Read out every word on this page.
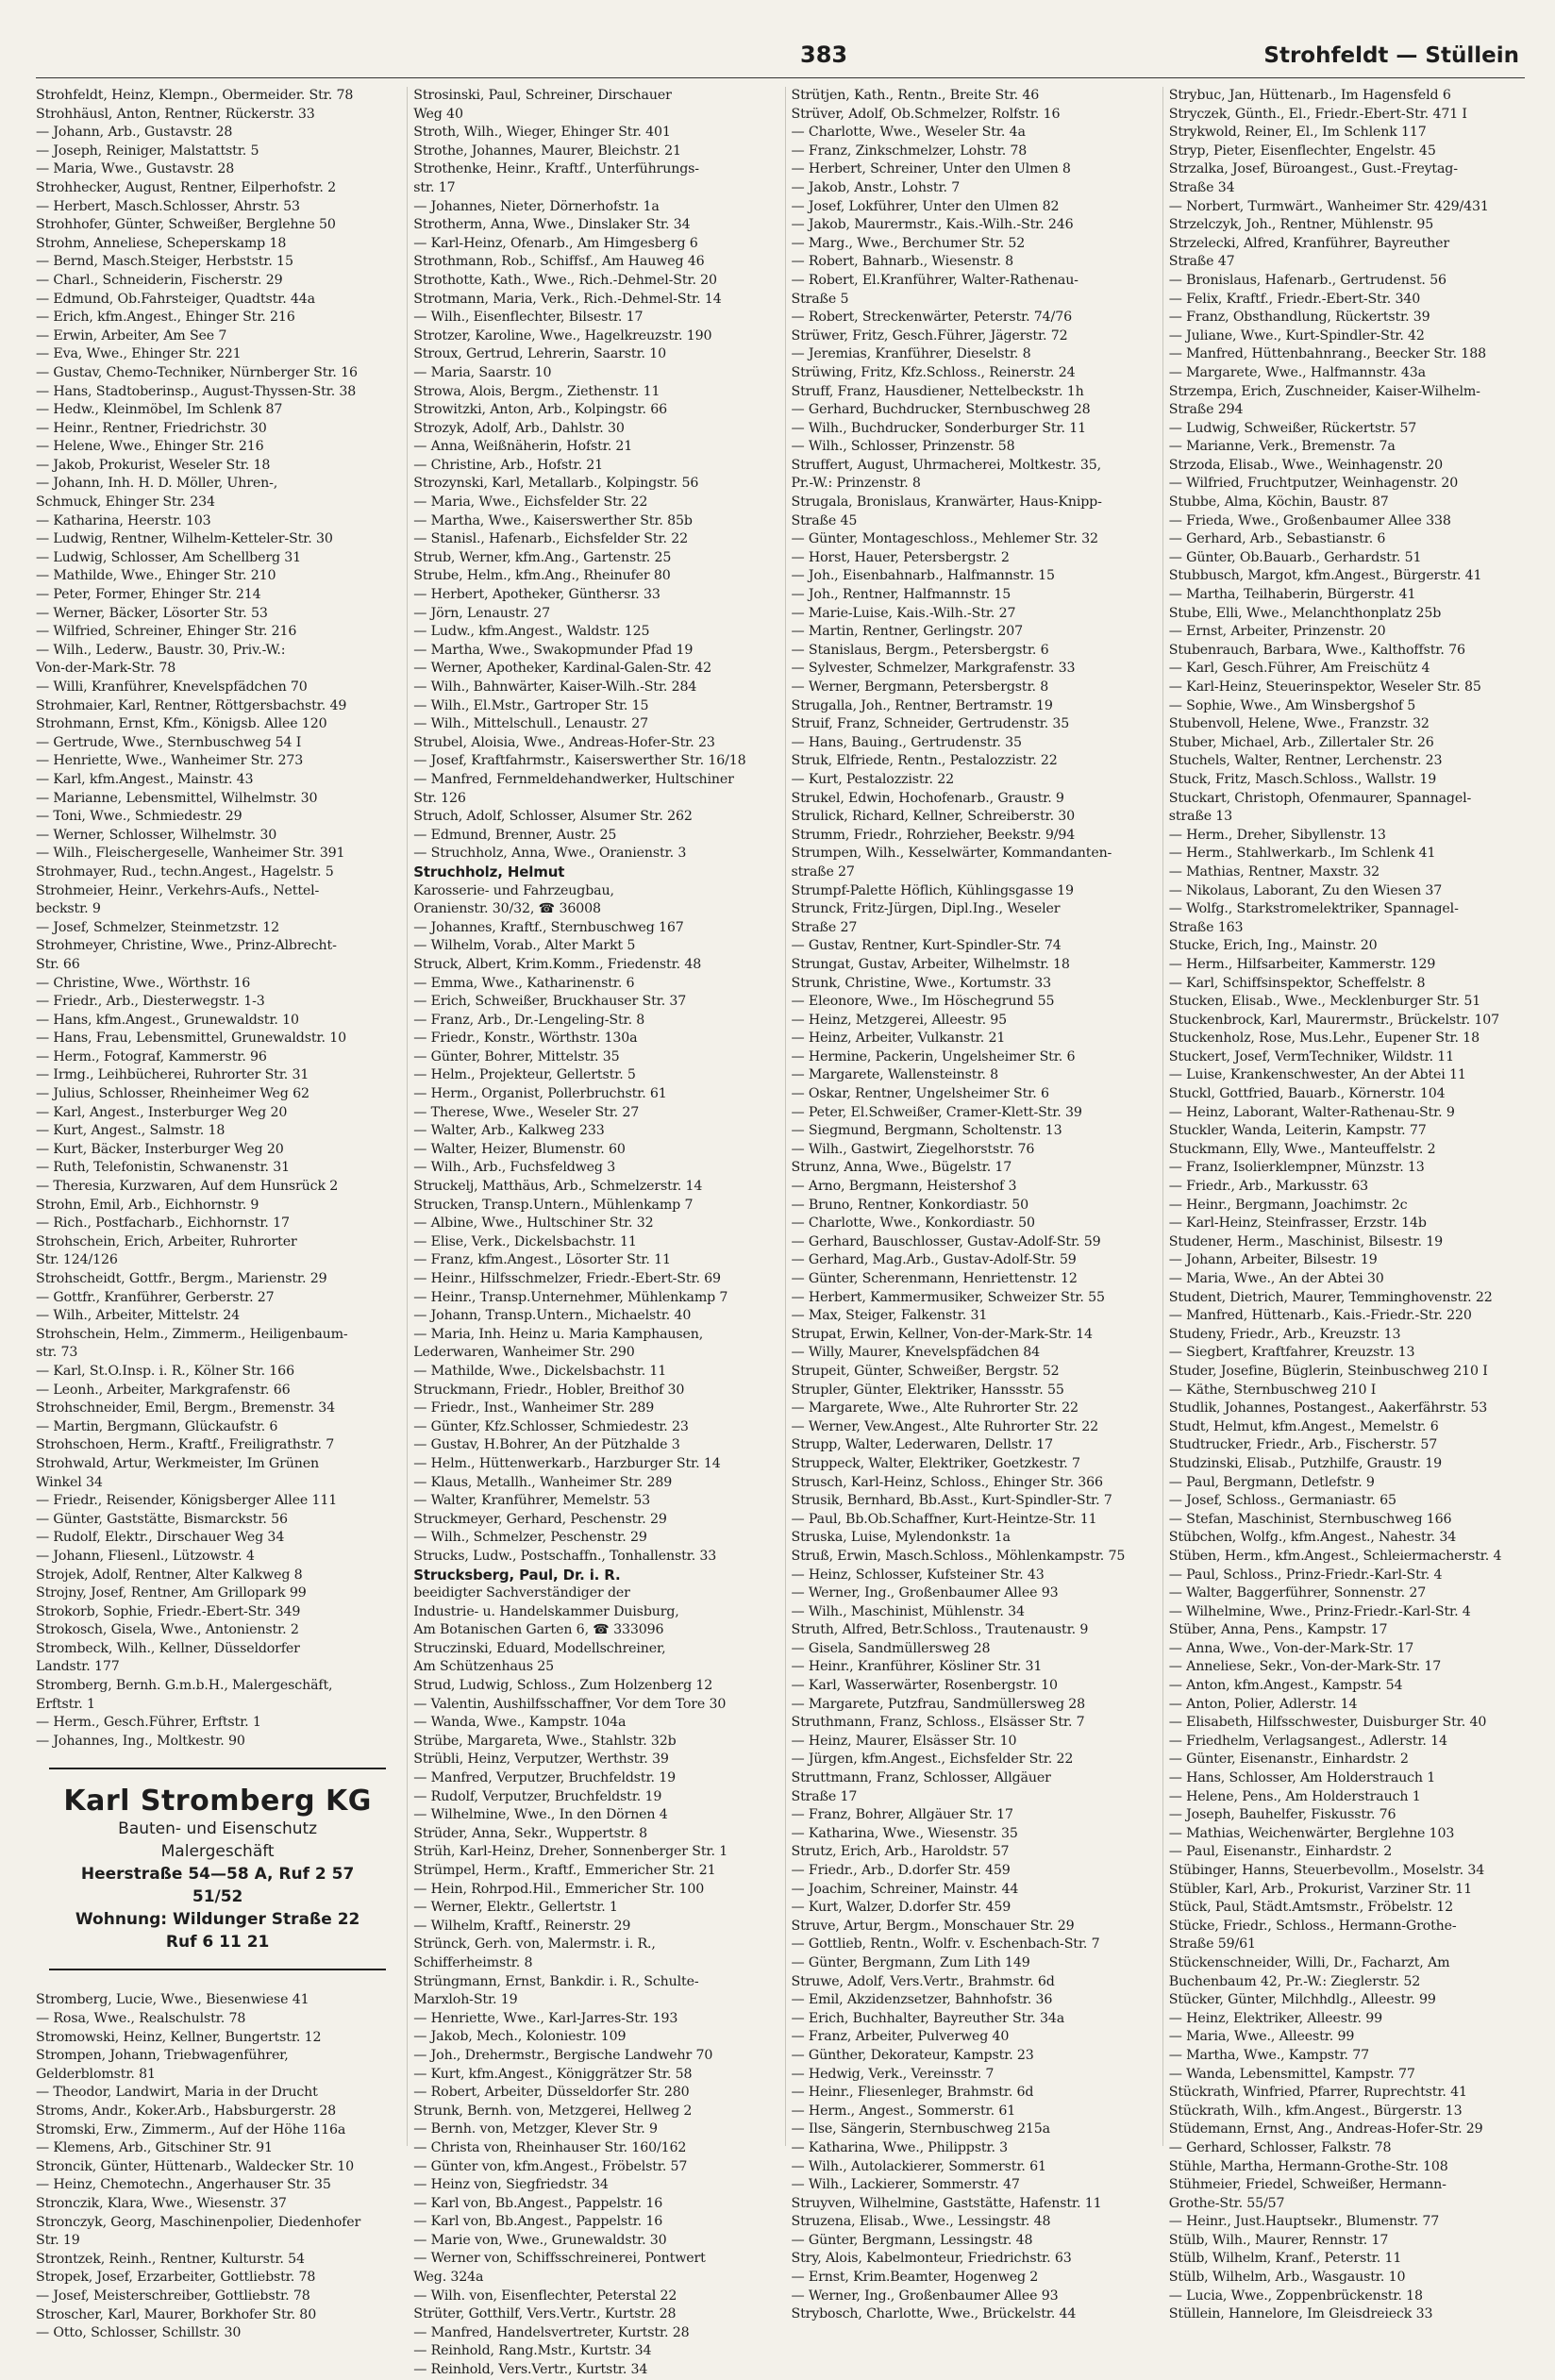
383	Strohfeldt — Stüllein
Strohfeldt, Heinz, Klempn., Obermeider. Str. 78
Strohhäusl, Anton, Rentner, Rückerstr. 33
— Johann, Arb., Gustavstr. 28
— Joseph, Reiniger, Malstattstr. 5
— Maria, Wwe., Gustavstr. 28
Strohhecker, August, Rentner, Eilperhofstr. 2
— Herbert, Masch.Schlosser, Ahrstr. 53
Strohhofer, Günter, Schweißer, Berglehne 50
Strohm, Anneliese, Scheperskamp 18
— Bernd, Masch.Steiger, Herbststr. 15
— Charl., Schneiderin, Fischerstr. 29
— Edmund, Ob.Fahrsteiger, Quadtstr. 44a
— Erich, kfm.Angest., Ehinger Str. 216
— Erwin, Arbeiter, Am See 7
— Eva, Wwe., Ehinger Str. 221
— Gustav, Chemo-Techniker, Nürnberger Str. 16
— Hans, Stadtoberinsp., August-Thyssen-Str. 38
— Hedw., Kleinmöbel, Im Schlenk 87
— Heinr., Rentner, Friedrichstr. 30
— Helene, Wwe., Ehinger Str. 216
— Jakob, Prokurist, Weseler Str. 18
— Johann, Inh. H. D. Möller, Uhren-,
Schmuck, Ehinger Str. 234
— Katharina, Heerstr. 103
— Ludwig, Rentner, Wilhelm-Ketteler-Str. 30
— Ludwig, Schlosser, Am Schellberg 31
— Mathilde, Wwe., Ehinger Str. 210
— Peter, Former, Ehinger Str. 214
— Werner, Bäcker, Lösorter Str. 53
— Wilfried, Schreiner, Ehinger Str. 216
— Wilh., Lederw., Baustr. 30, Priv.-W.:
Von-der-Mark-Str. 78
— Willi, Kranführer, Knevelspfädchen 70
Strohmaier, Karl, Rentner, Röttgersbachstr. 49
Strohmann, Ernst, Kfm., Königsb. Allee 120
— Gertrude, Wwe., Sternbuschweg 54 I
— Henriette, Wwe., Wanheimer Str. 273
— Karl, kfm.Angest., Mainstr. 43
— Marianne, Lebensmittel, Wilhelmstr. 30
— Toni, Wwe., Schmiedestr. 29
— Werner, Schlosser, Wilhelmstr. 30
— Wilh., Fleischergeselle, Wanheimer Str. 391
Strohmayer, Rud., techn.Angest., Hagelstr. 5
Strohmeier, Heinr., Verkehrs-Aufs., Nettel-
beckstr. 9
— Josef, Schmelzer, Steinmetzstr. 12
Strohmeyer, Christine, Wwe., Prinz-Albrecht-
Str. 66
— Christine, Wwe., Wörthstr. 16
— Friedr., Arb., Diesterwegstr. 1-3
— Hans, kfm.Angest., Grunewaldstr. 10
— Hans, Frau, Lebensmittel, Grunewaldstr. 10
— Herm., Fotograf, Kammerstr. 96
— Irmg., Leihbücherei, Ruhrorter Str. 31
— Julius, Schlosser, Rheinheimer Weg 62
— Karl, Angest., Insterburger Weg 20
— Kurt, Angest., Salmstr. 18
— Kurt, Bäcker, Insterburger Weg 20
— Ruth, Telefonistin, Schwanenstr. 31
— Theresia, Kurzwaren, Auf dem Hunsrück 2
Strohn, Emil, Arb., Eichhornstr. 9
— Rich., Postfacharb., Eichhornstr. 17
Strohschein, Erich, Arbeiter, Ruhrorter
Str. 124/126
Strohscheidt, Gottfr., Bergm., Marienstr. 29
— Gottfr., Kranführer, Gerberstr. 27
— Wilh., Arbeiter, Mittelstr. 24
Strohschein, Helm., Zimmerm., Heiligenbaum-
str. 73
— Karl, St.O.Insp. i. R., Kölner Str. 166
— Leonh., Arbeiter, Markgrafenstr. 66
Strohschneider, Emil, Bergm., Bremenstr. 34
— Martin, Bergmann, Glückaufstr. 6
Strohschoen, Herm., Kraftf., Freiligrathstr. 7
Strohwald, Artur, Werkmeister, Im Grünen
Winkel 34
— Friedr., Reisender, Königsberger Allee 111
— Günter, Gaststätte, Bismarckstr. 56
— Rudolf, Elektr., Dirschauer Weg 34
— Johann, Fliesenl., Lützowstr. 4
Strojek, Adolf, Rentner, Alter Kalkweg 8
Strojny, Josef, Rentner, Am Grillopark 99
Strokorb, Sophie, Friedr.-Ebert-Str. 349
Strokosch, Gisela, Wwe., Antonienstr. 2
Strombeck, Wilh., Kellner, Düsseldorfer
Landstr. 177
Stromberg, Bernh. G.m.b.H., Malergeschäft,
Erftstr. 1
— Herm., Gesch.Führer, Erftstr. 1
— Johannes, Ing., Moltkestr. 90
Karl Stromberg KG
Bauten- und Eisenschutz
Malergeschäft
Heerstraße 54—58 A, Ruf 2 57 51/52
Wohnung: Wildunger Straße 22
Ruf 6 11 21
Stromberg, Lucie, Wwe., Biesenwiese 41
— Rosa, Wwe., Realschulstr. 78
Stromowski, Heinz, Kellner, Bungertstr. 12
Strompen, Johann, Triebwagenführer,
Gelderblomstr. 81
— Theodor, Landwirt, Maria in der Drucht
Stroms, Andr., Koker.Arb., Habsburgerstr. 28
Stromski, Erw., Zimmerm., Auf der Höhe 116a
— Klemens, Arb., Gitschiner Str. 91
Stroncik, Günter, Hüttenarb., Waldecker Str. 10
— Heinz, Chemotechn., Angerhauser Str. 35
Stronczik, Klara, Wwe., Wiesenstr. 37
Stronczyk, Georg, Maschinenpolier, Diedenhofer
Str. 19
Strontzek, Reinh., Rentner, Kulturstr. 54
Stropek, Josef, Erzarbeiter, Gottliebstr. 78
— Josef, Meisterschreiber, Gottliebstr. 78
Stroscher, Karl, Maurer, Borkhofer Str. 80
— Otto, Schlosser, Schillstr. 30
Strosinski, Paul, Schreiner, Dirschauer
Weg 40
Stroth, Wilh., Wieger, Ehinger Str. 401
Strothe, Johannes, Maurer, Bleichstr. 21
Strothenke, Heinr., Kraftf., Unterführungs-
str. 17
— Johannes, Nieter, Dörnerhofstr. 1a
Strotherm, Anna, Wwe., Dinslaker Str. 34
— Karl-Heinz, Ofenarb., Am Himgesberg 6
Strothmann, Rob., Schiffsf., Am Hauweg 46
Strothotte, Kath., Wwe., Rich.-Dehmel-Str. 20
Strotmann, Maria, Verk., Rich.-Dehmel-Str. 14
— Wilh., Eisenflechter, Bilsestr. 17
Strotzer, Karoline, Wwe., Hagelkreuzstr. 190
Stroux, Gertrud, Lehrerin, Saarstr. 10
— Maria, Saarstr. 10
Strowa, Alois, Bergm., Ziethenstr. 11
Strowitzki, Anton, Arb., Kolpingstr. 66
Strozyk, Adolf, Arb., Dahlstr. 30
— Anna, Weißnäherin, Hofstr. 21
— Christine, Arb., Hofstr. 21
Strozynski, Karl, Metallarb., Kolpingstr. 56
— Maria, Wwe., Eichsfelder Str. 22
— Martha, Wwe., Kaiserswerther Str. 85b
— Stanisl., Hafenarb., Eichsfelder Str. 22
Strub, Werner, kfm.Ang., Gartenstr. 25
Strube, Helm., kfm.Ang., Rheinufer 80
— Herbert, Apotheker, Günthersr. 33
— Jörn, Lenaustr. 27
— Ludw., kfm.Angest., Waldstr. 125
— Martha, Wwe., Swakopmunder Pfad 19
— Werner, Apotheker, Kardinal-Galen-Str. 42
— Wilh., Bahnwärter, Kaiser-Wilh.-Str. 284
— Wilh., El.Mstr., Gartroper Str. 15
— Wilh., Mittelschull., Lenaustr. 27
Strubel, Aloisia, Wwe., Andreas-Hofer-Str. 23
— Josef, Kraftfahrmstr., Kaiserswerther Str. 16/18
— Manfred, Fernmeldehandwerker, Hultschiner
Str. 126
Struch, Adolf, Schlosser, Alsumer Str. 262
— Edmund, Brenner, Austr. 25
— Struchholz, Anna, Wwe., Oranienstr. 3
Struchholz, Helmut
Karosserie- und Fahrzeugbau,
Oranienstr. 30/32, ☎ 36008
— Johannes, Kraftf., Sternbuschweg 167
— Wilhelm, Vorab., Alter Markt 5
Struck, Albert, Krim.Komm., Friedenstr. 48
— Emma, Wwe., Katharinenstr. 6
— Erich, Schweißer, Bruckhauser Str. 37
— Franz, Arb., Dr.-Lengeling-Str. 8
— Friedr., Konstr., Wörthstr. 130a
— Günter, Bohrer, Mittelstr. 35
— Helm., Projekteur, Gellertstr. 5
— Herm., Organist, Pollerbruchstr. 61
— Therese, Wwe., Weseler Str. 27
— Walter, Arb., Kalkweg 233
— Walter, Heizer, Blumenstr. 60
— Wilh., Arb., Fuchsfeldweg 3
Struckelj, Matthäus, Arb., Schmelzerstr. 14
Strucken, Transp.Untern., Mühlenkamp 7
— Albine, Wwe., Hultschiner Str. 32
— Elise, Verk., Dickelsbachstr. 11
— Franz, kfm.Angest., Lösorter Str. 11
— Heinr., Hilfsschmelzer, Friedr.-Ebert-Str. 69
— Heinr., Transp.Unternehmer, Mühlenkamp 7
— Johann, Transp.Untern., Michaelstr. 40
— Maria, Inh. Heinz u. Maria Kamphausen,
Lederwaren, Wanheimer Str. 290
— Mathilde, Wwe., Dickelsbachstr. 11
Struckmann, Friedr., Hobler, Breithof 30
— Friedr., Inst., Wanheimer Str. 289
— Günter, Kfz.Schlosser, Schmiedestr. 23
— Gustav, H.Bohrer, An der Pützhalde 3
— Helm., Hüttenwerkarb., Harzburger Str. 14
— Klaus, Metallh., Wanheimer Str. 289
— Walter, Kranführer, Memelstr. 53
Struckmeyer, Gerhard, Peschenstr. 29
— Wilh., Schmelzer, Peschenstr. 29
Strucks, Ludw., Postschaffn., Tonhallenstr. 33
Strucksberg, Paul, Dr. i. R.
beeidigter Sachverständiger der
Industrie- u. Handelskammer Duisburg,
Am Botanischen Garten 6, ☎ 333096
Struczinski, Eduard, Modellschreiner,
Am Schützenhaus 25
Strud, Ludwig, Schloss., Zum Holzenberg 12
— Valentin, Aushilfsschaffner, Vor dem Tore 30
— Wanda, Wwe., Kampstr. 104a
Strübe, Margareta, Wwe., Stahlstr. 32b
Strübli, Heinz, Verputzer, Werthstr. 39
— Manfred, Verputzer, Bruchfeldstr. 19
— Rudolf, Verputzer, Bruchfeldstr. 19
— Wilhelmine, Wwe., In den Dörnen 4
Strüder, Anna, Sekr., Wuppertstr. 8
Strüh, Karl-Heinz, Dreher, Sonnenberger Str. 1
Strümpel, Herm., Kraftf., Emmericher Str. 21
— Hein, Rohrpod.Hil., Emmericher Str. 100
— Werner, Elektr., Gellertstr. 1
— Wilhelm, Kraftf., Reinerstr. 29
Strünck, Gerh. von, Malermstr. i. R.,
Schifferheimstr. 8
Strüngmann, Ernst, Bankdir. i. R., Schulte-
Marxloh-Str. 19
— Henriette, Wwe., Karl-Jarres-Str. 193
— Jakob, Mech., Koloniestr. 109
— Joh., Drehermstr., Bergische Landwehr 70
— Kurt, kfm.Angest., Königgrätzer Str. 58
— Robert, Arbeiter, Düsseldorfer Str. 280
Strunk, Bernh. von, Metzgerei, Hellweg 2
— Bernh. von, Metzger, Klever Str. 9
— Christa von, Rheinhauser Str. 160/162
— Günter von, kfm.Angest., Fröbelstr. 57
— Heinz von, Siegfriedstr. 34
— Karl von, Bb.Angest., Pappelstr. 16
— Karl von, Bb.Angest., Pappelstr. 16
— Marie von, Wwe., Grunewaldstr. 30
— Werner von, Schiffsschreinerei, Pontwert
Weg. 324a
— Wilh. von, Eisenflechter, Peterstal 22
Strüter, Gotthilf, Vers.Vertr., Kurtstr. 28
— Manfred, Handelsvertreter, Kurtstr. 28
— Reinhold, Rang.Mstr., Kurtstr. 34
— Reinhold, Vers.Vertr., Kurtstr. 34
Strütjen, Kath., Rentn., Breite Str. 46
Strüver, Adolf, Ob.Schmelzer, Rolfstr. 16
— Charlotte, Wwe., Weseler Str. 4a
— Franz, Zinkschmelzer, Lohstr. 78
— Herbert, Schreiner, Unter den Ulmen 8
— Jakob, Anstr., Lohstr. 7
— Josef, Lokführer, Unter den Ulmen 82
— Jakob, Maurermstr., Kais.-Wilh.-Str. 246
— Marg., Wwe., Berchumer Str. 52
— Robert, Bahnarb., Wiesenstr. 8
— Robert, El.Kranführer, Walter-Rathenau-
Straße 5
— Robert, Streckenwärter, Peterstr. 74/76
Strüwer, Fritz, Gesch.Führer, Jägerstr. 72
— Jeremias, Kranführer, Dieselstr. 8
Strüwing, Fritz, Kfz.Schloss., Reinerstr. 24
Struff, Franz, Hausdiener, Nettelbeckstr. 1h
— Gerhard, Buchdrucker, Sternbuschweg 28
— Wilh., Buchdrucker, Sonderburger Str. 11
— Wilh., Schlosser, Prinzenstr. 58
Struffert, August, Uhrmacherei, Moltkestr. 35,
Pr.-W.: Prinzenstr. 8
Strugala, Bronislaus, Kranwärter, Haus-Knipp-
Straße 45
— Günter, Montageschloss., Mehlemer Str. 32
— Horst, Hauer, Petersbergstr. 2
— Joh., Eisenbahnarb., Halfmannstr. 15
— Joh., Rentner, Halfmannstr. 15
— Marie-Luise, Kais.-Wilh.-Str. 27
— Martin, Rentner, Gerlingstr. 207
— Stanislaus, Bergm., Petersbergstr. 6
— Sylvester, Schmelzer, Markgrafenstr. 33
— Werner, Bergmann, Petersbergstr. 8
Strugalla, Joh., Rentner, Bertramstr. 19
Struif, Franz, Schneider, Gertrudenstr. 35
— Hans, Bauing., Gertrudenstr. 35
Struk, Elfriede, Rentn., Pestalozzistr. 22
— Kurt, Pestalozzistr. 22
Strukel, Edwin, Hochofenarb., Graustr. 9
Strulick, Richard, Kellner, Schreiberstr. 30
Strumm, Friedr., Rohrzieher, Beekstr. 9/94
Strumpen, Wilh., Kesselwärter, Kommandanten-
straße 27
Strumpf-Palette Höflich, Kühlingsgasse 19
Strunck, Fritz-Jürgen, Dipl.Ing., Weseler
Straße 27
— Gustav, Rentner, Kurt-Spindler-Str. 74
Strungat, Gustav, Arbeiter, Wilhelmstr. 18
Strunk, Christine, Wwe., Kortumstr. 33
— Eleonore, Wwe., Im Höschegrund 55
— Heinz, Metzgerei, Alleestr. 95
— Heinz, Arbeiter, Vulkanstr. 21
— Hermine, Packerin, Ungelsheimer Str. 6
— Margarete, Wallensteinstr. 8
— Oskar, Rentner, Ungelsheimer Str. 6
— Peter, El.Schweißer, Cramer-Klett-Str. 39
— Siegmund, Bergmann, Scholtenstr. 13
— Wilh., Gastwirt, Ziegelhorststr. 76
Strunz, Anna, Wwe., Bügelstr. 17
— Arno, Bergmann, Heistershof 3
— Bruno, Rentner, Konkordiastr. 50
— Charlotte, Wwe., Konkordiastr. 50
— Gerhard, Bauschlosser, Gustav-Adolf-Str. 59
— Gerhard, Mag.Arb., Gustav-Adolf-Str. 59
— Günter, Scherenmann, Henriettenstr. 12
— Herbert, Kammermusiker, Schweizer Str. 55
— Max, Steiger, Falkenstr. 31
Strupat, Erwin, Kellner, Von-der-Mark-Str. 14
— Willy, Maurer, Knevelspfädchen 84
Strupeit, Günter, Schweißer, Bergstr. 52
Strupler, Günter, Elektriker, Hanssstr. 55
— Margarete, Wwe., Alte Ruhrorter Str. 22
— Werner, Vew.Angest., Alte Ruhrorter Str. 22
Strupp, Walter, Lederwaren, Dellstr. 17
Struppeck, Walter, Elektriker, Goetzkestr. 7
Strusch, Karl-Heinz, Schloss., Ehinger Str. 366
Strusik, Bernhard, Bb.Asst., Kurt-Spindler-Str. 7
— Paul, Bb.Ob.Schaffner, Kurt-Heintze-Str. 11
Struska, Luise, Mylendonkstr. 1a
Struß, Erwin, Masch.Schloss., Möhlenkampstr. 75
— Heinz, Schlosser, Kufsteiner Str. 43
— Werner, Ing., Großenbaumer Allee 93
— Wilh., Maschinist, Mühlenstr. 34
Struth, Alfred, Betr.Schloss., Trautenaustr. 9
— Gisela, Sandmüllersweg 28
— Heinr., Kranführer, Kösliner Str. 31
— Karl, Wasserwärter, Rosenbergstr. 10
— Margarete, Putzfrau, Sandmüllersweg 28
Struthmann, Franz, Schloss., Elsässer Str. 7
— Heinz, Maurer, Elsässer Str. 10
— Jürgen, kfm.Angest., Eichsfelder Str. 22
Struttmann, Franz, Schlosser, Allgäuer
Straße 17
— Franz, Bohrer, Allgäuer Str. 17
— Katharina, Wwe., Wiesenstr. 35
Strutz, Erich, Arb., Haroldstr. 57
— Friedr., Arb., D.dorfer Str. 459
— Joachim, Schreiner, Mainstr. 44
— Kurt, Walzer, D.dorfer Str. 459
Struve, Artur, Bergm., Monschauer Str. 29
— Gottlieb, Rentn., Wolfr. v. Eschenbach-Str. 7
— Günter, Bergmann, Zum Lith 149
Struwe, Adolf, Vers.Vertr., Brahmstr. 6d
— Emil, Akzidenzsetzer, Bahnhofstr. 36
— Erich, Buchhalter, Bayreuther Str. 34a
— Franz, Arbeiter, Pulverweg 40
— Günther, Dekorateur, Kampstr. 23
— Hedwig, Verk., Vereinsstr. 7
— Heinr., Fliesenleger, Brahmstr. 6d
— Herm., Angest., Sommerstr. 61
— Ilse, Sängerin, Sternbuschweg 215a
— Katharina, Wwe., Philippstr. 3
— Wilh., Autolackierer, Sommerstr. 61
— Wilh., Lackierer, Sommerstr. 47
Struyven, Wilhelmine, Gaststätte, Hafenstr. 11
Struzena, Elisab., Wwe., Lessingstr. 48
— Günter, Bergmann, Lessingstr. 48
Stry, Alois, Kabelmonteur, Friedrichstr. 63
— Ernst, Krim.Beamter, Hogenweg 2
— Werner, Ing., Großenbaumer Allee 93
Strybosch, Charlotte, Wwe., Brückelstr. 44
Strybuc, Jan, Hüttenarb., Im Hagensfeld 6
Stryczek, Günth., El., Friedr.-Ebert-Str. 471 I
Strykwold, Reiner, El., Im Schlenk 117
Stryp, Pieter, Eisenflechter, Engelstr. 45
Strzalka, Josef, Büroangest., Gust.-Freytag-
Straße 34
— Norbert, Turmwärt., Wanheimer Str. 429/431
Strzelczyk, Joh., Rentner, Mühlenstr. 95
Strzelecki, Alfred, Kranführer, Bayreuther
Straße 47
— Bronislaus, Hafenarb., Gertrudenst. 56
— Felix, Kraftf., Friedr.-Ebert-Str. 340
— Franz, Obsthandlung, Rückertstr. 39
— Juliane, Wwe., Kurt-Spindler-Str. 42
— Manfred, Hüttenbahnrang., Beecker Str. 188
— Margarete, Wwe., Halfmannstr. 43a
Strzempa, Erich, Zuschneider, Kaiser-Wilhelm-
Straße 294
— Ludwig, Schweißer, Rückertstr. 57
— Marianne, Verk., Bremenstr. 7a
Strzoda, Elisab., Wwe., Weinhagenstr. 20
— Wilfried, Fruchtputzer, Weinhagenstr. 20
Stubbe, Alma, Köchin, Baustr. 87
— Frieda, Wwe., Großenbaumer Allee 338
— Gerhard, Arb., Sebastianstr. 6
— Günter, Ob.Bauarb., Gerhardstr. 51
Stubbusch, Margot, kfm.Angest., Bürgerstr. 41
— Martha, Teilhaberin, Bürgerstr. 41
Stube, Elli, Wwe., Melanchthonplatz 25b
— Ernst, Arbeiter, Prinzenstr. 20
Stubenrauch, Barbara, Wwe., Kalthoffstr. 76
— Karl, Gesch.Führer, Am Freischütz 4
— Karl-Heinz, Steuerinspektor, Weseler Str. 85
— Sophie, Wwe., Am Winsbergshof 5
Stubenvoll, Helene, Wwe., Franzstr. 32
Stuber, Michael, Arb., Zillertaler Str. 26
Stuchels, Walter, Rentner, Lerchenstr. 23
Stuck, Fritz, Masch.Schloss., Wallstr. 19
Stuckart, Christoph, Ofenmaurer, Spannagel-
straße 13
— Herm., Dreher, Sibyllenstr. 13
— Herm., Stahlwerkarb., Im Schlenk 41
— Mathias, Rentner, Maxstr. 32
— Nikolaus, Laborant, Zu den Wiesen 37
— Wolfg., Starkstromelektriker, Spannagel-
Straße 163
Stucke, Erich, Ing., Mainstr. 20
— Herm., Hilfsarbeiter, Kammerstr. 129
— Karl, Schiffsinspektor, Scheffelstr. 8
Stucken, Elisab., Wwe., Mecklenburger Str. 51
Stuckenbrock, Karl, Maurermstr., Brückelstr. 107
Stuckenholz, Rose, Mus.Lehr., Eupener Str. 18
Stuckert, Josef, VermTechniker, Wildstr. 11
— Luise, Krankenschwester, An der Abtei 11
Stuckl, Gottfried, Bauarb., Körnerstr. 104
— Heinz, Laborant, Walter-Rathenau-Str. 9
Stuckler, Wanda, Leiterin, Kampstr. 77
Stuckmann, Elly, Wwe., Manteuffelstr. 2
— Franz, Isolierklempner, Münzstr. 13
— Friedr., Arb., Markusstr. 63
— Heinr., Bergmann, Joachimstr. 2c
— Karl-Heinz, Steinfrasser, Erzstr. 14b
Studener, Herm., Maschinist, Bilsestr. 19
— Johann, Arbeiter, Bilsestr. 19
— Maria, Wwe., An der Abtei 30
Student, Dietrich, Maurer, Temminghovenstr. 22
— Manfred, Hüttenarb., Kais.-Friedr.-Str. 220
Studeny, Friedr., Arb., Kreuzstr. 13
— Siegbert, Kraftfahrer, Kreuzstr. 13
Studer, Josefine, Büglerin, Steinbuschweg 210 I
— Käthe, Sternbuschweg 210 I
Studlik, Johannes, Postangest., Aakerfährstr. 53
Studt, Helmut, kfm.Angest., Memelstr. 6
Studtrucker, Friedr., Arb., Fischerstr. 57
Studzinski, Elisab., Putzhilfe, Graustr. 19
— Paul, Bergmann, Detlefstr. 9
— Josef, Schloss., Germaniastr. 65
— Stefan, Maschinist, Sternbuschweg 166
Stübchen, Wolfg., kfm.Angest., Nahestr. 34
Stüben, Herm., kfm.Angest., Schleiermacherstr. 4
— Paul, Schloss., Prinz-Friedr.-Karl-Str. 4
— Walter, Baggerführer, Sonnenstr. 27
— Wilhelmine, Wwe., Prinz-Friedr.-Karl-Str. 4
Stüber, Anna, Pens., Kampstr. 17
— Anna, Wwe., Von-der-Mark-Str. 17
— Anneliese, Sekr., Von-der-Mark-Str. 17
— Anton, kfm.Angest., Kampstr. 54
— Anton, Polier, Adlerstr. 14
— Elisabeth, Hilfsschwester, Duisburger Str. 40
— Friedhelm, Verlagsangest., Adlerstr. 14
— Günter, Eisenanstr., Einhardstr. 2
— Hans, Schlosser, Am Holderstrauch 1
— Helene, Pens., Am Holderstrauch 1
— Joseph, Bauhelfer, Fiskusstr. 76
— Mathias, Weichenwärter, Berglehne 103
— Paul, Eisenanstr., Einhardstr. 2
Stübinger, Hanns, Steuerbevollm., Moselstr. 34
Stübler, Karl, Arb., Prokurist, Varziner Str. 11
Stück, Paul, Städt.Amtsmstr., Fröbelstr. 12
Stücke, Friedr., Schloss., Hermann-Grothe-
Straße 59/61
Stückenschneider, Willi, Dr., Facharzt, Am
Buchenbaum 42, Pr.-W.: Zieglerstr. 52
Stücker, Günter, Milchhdlg., Alleestr. 99
— Heinz, Elektriker, Alleestr. 99
— Maria, Wwe., Alleestr. 99
— Martha, Wwe., Kampstr. 77
— Wanda, Lebensmittel, Kampstr. 77
Stückrath, Winfried, Pfarrer, Ruprechtstr. 41
Stückrath, Wilh., kfm.Angest., Bürgerstr. 13
Stüdemann, Ernst, Ang., Andreas-Hofer-Str. 29
— Gerhard, Schlosser, Falkstr. 78
Stühle, Martha, Hermann-Grothe-Str. 108
Stühmeier, Friedel, Schweißer, Hermann-
Grothe-Str. 55/57
— Heinr., Just.Hauptsekr., Blumenstr. 77
Stülb, Wilh., Maurer, Rennstr. 17
Stülb, Wilhelm, Kranf., Peterstr. 11
Stülb, Wilhelm, Arb., Wasgaustr. 10
— Lucia, Wwe., Zoppenbrückenstr. 18
Stüllein, Hannelore, Im Gleisdreieck 33
